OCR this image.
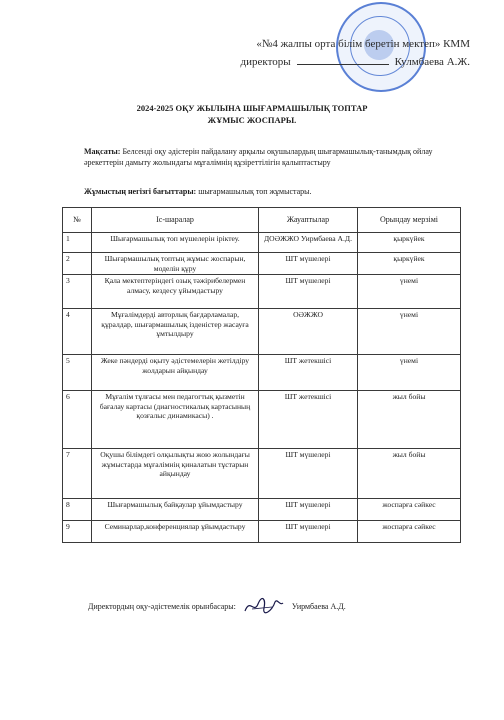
«№4 жалпы орта білім беретін мектеп» КММ
директоры	Кулмбаева А.Ж.
2024-2025 ОҚУ ЖЫЛЫНА ШЫҒАРМАШЫЛЫҚ ТОПТАР
ЖҰМЫС ЖОСПАРЫ.
Мақсаты: Белсенді оқу әдістерін пайдалану арқылы оқушылардың шығармашылық-танымдық ойлау әрекеттерін дамыту жолындағы мұғалімнің құзіреттілігін қалыптастыру
Жұмыстың негізгі бағыттары: шығармашылық топ жұмыстары.
№	Іс-шаралар	Жауаптылар	Орындау мерзімі
1	Шығармашылық топ мүшелерін іріктеу.	ДОӘЖЖО Уирмбаева А.Д.	қыркүйек
2	Шығармашылық топтың жұмыс жоспарын, моделін құру	ШТ мүшелері	қыркүйек
3	Қала мектептеріндегі озық тәжірибелермен алмасу, кездесу ұйымдастыру	ШТ мүшелері	үнемі
4	Мұғалімдерді авторлық бағдарламалар, құралдар, шығармашылық ізденістер жасауға ұмтылдыру	ОӘЖЖО	үнемі
5	Жеке пәндерді оқыту әдістемелерін жетілдіру жолдарын айқындау	ШТ жетекшісі	үнемі
6	Мұғалім тұлғасы мен педагогтық қызметін бағалау картасы (диагностикалық картасының қозғалыс динамикасы) .	ШТ жетекшісі	жыл бойы
7	Оқушы білімдегі олқылықты жою жолындағы жұмыстарда мұғалімнің қиналатын тұстарын айқындау	ШТ мүшелері	жыл бойы
8	Шығармашылық байқаулар ұйымдастыру	ШТ мүшелері	жоспарға сәйкес
9	Семинарлар,конференциялар ұйымдастыру	ШТ мүшелері	жоспарға сәйкес
Директордың оқу-әдістемелік орынбасары:	Уирмбаева А.Д.
